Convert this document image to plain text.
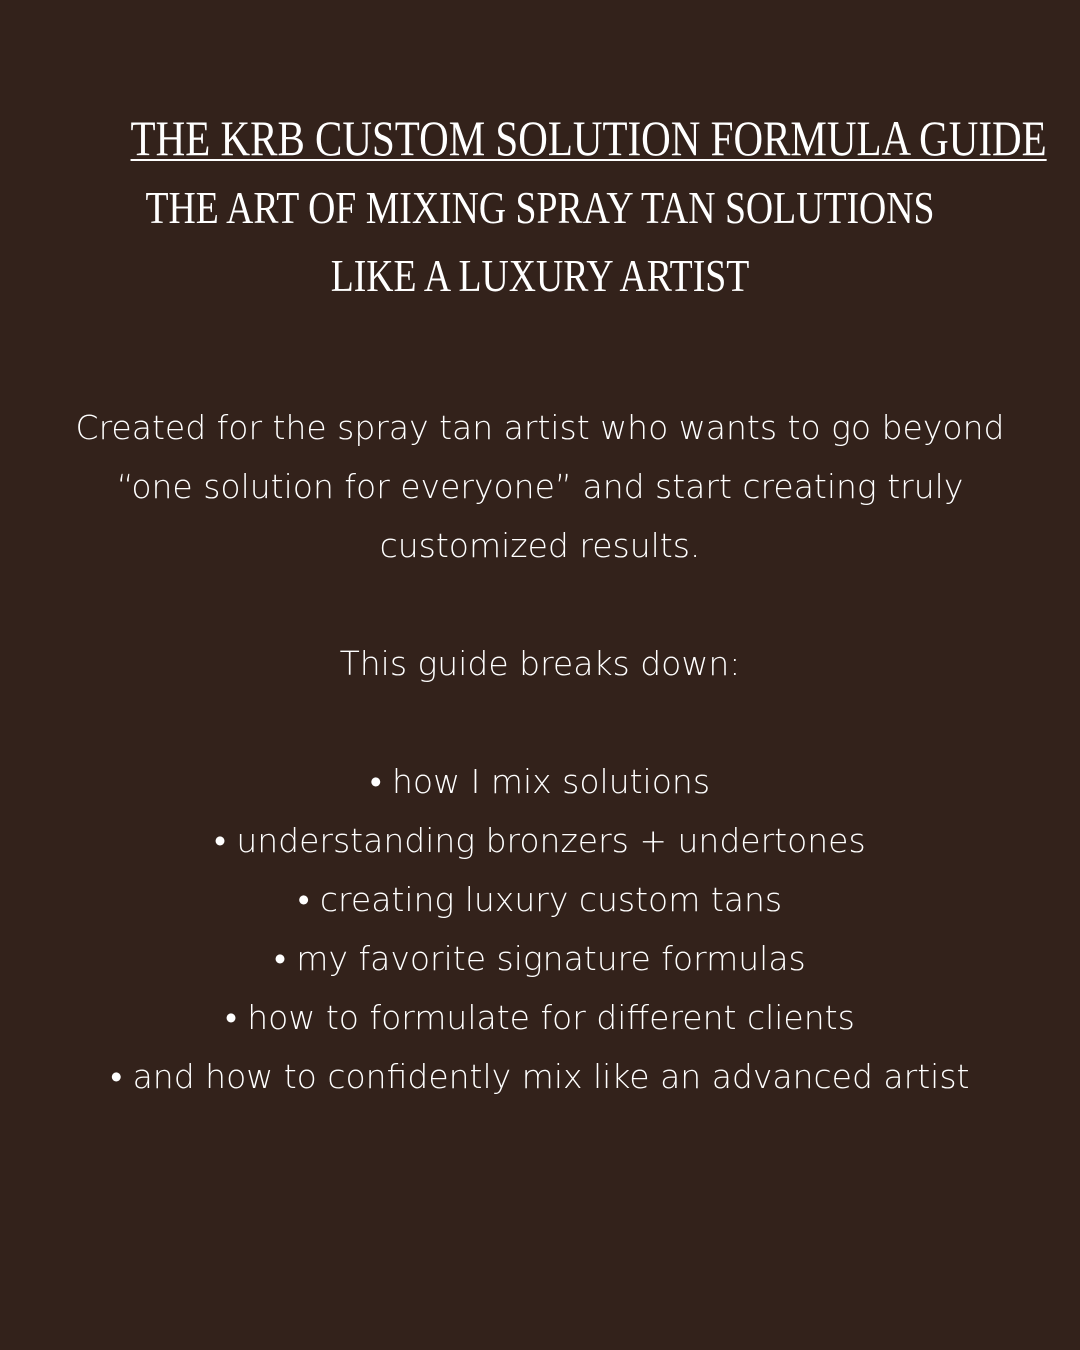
THE KRB CUSTOM SOLUTION FORMULA GUIDE
THE ART OF MIXING SPRAY TAN SOLUTIONS LIKE A LUXURY ARTIST

Created for the spray tan artist who wants to go beyond “one solution for everyone” and start creating truly customized results.

This guide breaks down:

• how I mix solutions
• understanding bronzers + undertones
• creating luxury custom tans
• my favorite signature formulas
• how to formulate for different clients
• and how to confidently mix like an advanced artist
